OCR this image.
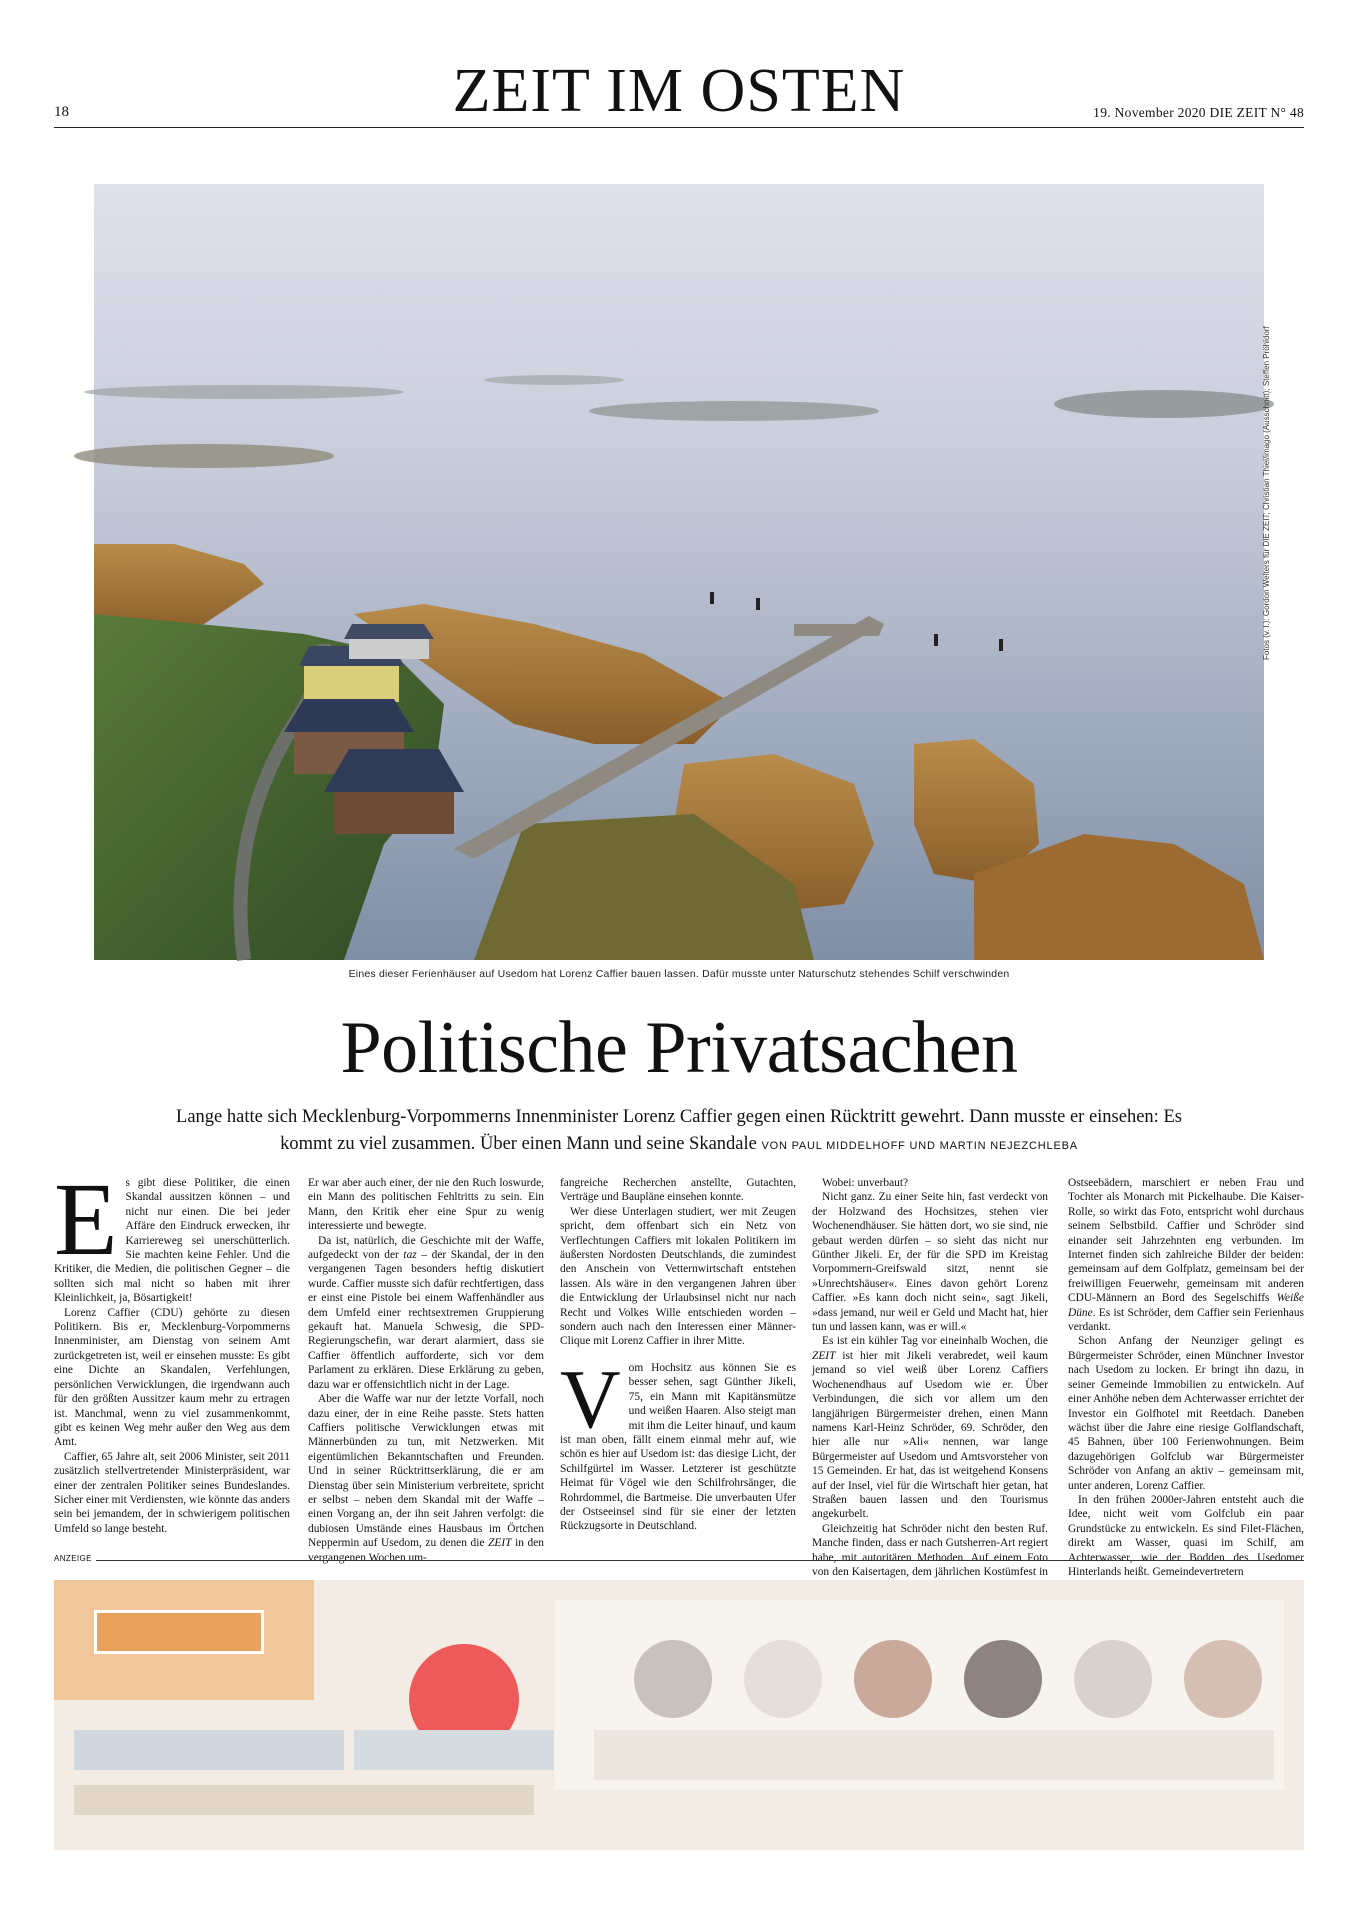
18	ZEIT IM OSTEN	19. November 2020 DIE ZEIT N° 48
Fotos (v. l.): Gordon Welters für DIE ZEIT; Christian Thiel/imago (Ausschnitt); Steffen Pröhldorf
Eines dieser Ferienhäuser auf Usedom hat Lorenz Caffier bauen lassen. Dafür musste unter Naturschutz stehendes Schilf verschwinden
Politische Privatsachen

Lange hatte sich Mecklenburg-Vorpommerns Innenminister Lorenz Caffier gegen einen Rücktritt gewehrt. Dann musste er einsehen: Es kommt zu viel zusammen. Über einen Mann und seine Skandale VON PAUL MIDDELHOFF UND MARTIN NEJEZCHLEBA

Es gibt diese Politiker, die einen Skandal aussitzen können – und nicht nur einen. Die bei jeder Affäre den Eindruck erwecken, ihr Karriereweg sei unerschütterlich. Sie machten keine Fehler. Und die Kritiker, die Medien, die politischen Gegner – die sollten sich mal nicht so haben mit ihrer Kleinlichkeit, ja, Bösartigkeit!

Lorenz Caffier (CDU) gehörte zu diesen Politikern. Bis er, Mecklenburg-Vorpommerns Innenminister, am Dienstag von seinem Amt zurückgetreten ist, weil er einsehen musste: Es gibt eine Dichte an Skandalen, Verfehlungen, persönlichen Verwicklungen, die irgendwann auch für den größten Aussitzer kaum mehr zu ertragen ist. Manchmal, wenn zu viel zusammenkommt, gibt es keinen Weg mehr außer den Weg aus dem Amt.

Caffier, 65 Jahre alt, seit 2006 Minister, seit 2011 zusätzlich stellvertretender Ministerpräsident, war einer der zentralen Politiker seines Bundeslandes. Sicher einer mit Verdiensten, wie könnte das anders sein bei jemandem, der in schwierigem politischen Umfeld so lange besteht.

Er war aber auch einer, der nie den Ruch loswurde, ein Mann des politischen Fehltritts zu sein. Ein Mann, den Kritik eher eine Spur zu wenig interessierte und bewegte.

Da ist, natürlich, die Geschichte mit der Waffe, aufgedeckt von der taz – der Skandal, der in den vergangenen Tagen besonders heftig diskutiert wurde. Caffier musste sich dafür rechtfertigen, dass er einst eine Pistole bei einem Waffenhändler aus dem Umfeld einer rechtsextremen Gruppierung gekauft hat. Manuela Schwesig, die SPD-Regierungschefin, war derart alarmiert, dass sie Caffier öffentlich aufforderte, sich vor dem Parlament zu erklären. Diese Erklärung zu geben, dazu war er offensichtlich nicht in der Lage.

Aber die Waffe war nur der letzte Vorfall, noch dazu einer, der in eine Reihe passte. Stets hatten Caffiers politische Verwicklungen etwas mit Männerbünden zu tun, mit Netzwerken. Mit eigentümlichen Bekanntschaften und Freunden. Und in seiner Rücktrittserklärung, die er am Dienstag über sein Ministerium verbreitete, spricht er selbst – neben dem Skandal mit der Waffe – einen Vorgang an, der ihn seit Jahren verfolgt: die dubiosen Umstände eines Hausbaus im Örtchen Neppermin auf Usedom, zu denen die ZEIT in den vergangenen Wochen um-

fangreiche Recherchen anstellte, Gutachten, Verträge und Baupläne einsehen konnte.

Wer diese Unterlagen studiert, wer mit Zeugen spricht, dem offenbart sich ein Netz von Verflechtungen Caffiers mit lokalen Politikern im äußersten Nordosten Deutschlands, die zumindest den Anschein von Vetternwirtschaft entstehen lassen. Als wäre in den vergangenen Jahren über die Entwicklung der Urlaubsinsel nicht nur nach Recht und Volkes Wille entschieden worden – sondern auch nach den Interessen einer Männer-Clique mit Lorenz Caffier in ihrer Mitte.

Vom Hochsitz aus können Sie es besser sehen, sagt Günther Jikeli, 75, ein Mann mit Kapitänsmütze und weißen Haaren. Also steigt man mit ihm die Leiter hinauf, und kaum ist man oben, fällt einem einmal mehr auf, wie schön es hier auf Usedom ist: das diesige Licht, der Schilfgürtel im Wasser. Letzterer ist geschützte Heimat für Vögel wie den Schilfrohrsänger, die Rohrdommel, die Bartmeise. Die unverbauten Ufer der Ostseeinsel sind für sie einer der letzten Rückzugsorte in Deutschland.

Wobei: unverbaut?

Nicht ganz. Zu einer Seite hin, fast verdeckt von der Holzwand des Hochsitzes, stehen vier Wochenendhäuser. Sie hätten dort, wo sie sind, nie gebaut werden dürfen – so sieht das nicht nur Günther Jikeli. Er, der für die SPD im Kreistag Vorpommern-Greifswald sitzt, nennt sie »Unrechtshäuser«. Eines davon gehört Lorenz Caffier. »Es kann doch nicht sein«, sagt Jikeli, »dass jemand, nur weil er Geld und Macht hat, hier tun und lassen kann, was er will.«

Es ist ein kühler Tag vor eineinhalb Wochen, die ZEIT ist hier mit Jikeli verabredet, weil kaum jemand so viel weiß über Lorenz Caffiers Wochenendhaus auf Usedom wie er. Über Verbindungen, die sich vor allem um den langjährigen Bürgermeister drehen, einen Mann namens Karl-Heinz Schröder, 69. Schröder, den hier alle nur »Ali« nennen, war lange Bürgermeister auf Usedom und Amtsvorsteher von 15 Gemeinden. Er hat, das ist weitgehend Konsens auf der Insel, viel für die Wirtschaft hier getan, hat Straßen bauen lassen und den Tourismus angekurbelt.

Gleichzeitig hat Schröder nicht den besten Ruf. Manche finden, dass er nach Gutsherren-Art regiert habe, mit autoritären Methoden. Auf einem Foto von den Kaisertagen, dem jährlichen Kostümfest in

Ostseebädern, marschiert er neben Frau und Tochter als Monarch mit Pickelhaube. Die Kaiser-Rolle, so wirkt das Foto, entspricht wohl durchaus seinem Selbstbild. Caffier und Schröder sind einander seit Jahrzehnten eng verbunden. Im Internet finden sich zahlreiche Bilder der beiden: gemeinsam auf dem Golfplatz, gemeinsam bei der freiwilligen Feuerwehr, gemeinsam mit anderen CDU-Männern an Bord des Segelschiffs Weiße Düne. Es ist Schröder, dem Caffier sein Ferienhaus verdankt.

Schon Anfang der Neunziger gelingt es Bürgermeister Schröder, einen Münchner Investor nach Usedom zu locken. Er bringt ihn dazu, in seiner Gemeinde Immobilien zu entwickeln. Auf einer Anhöhe neben dem Achterwasser errichtet der Investor ein Golfhotel mit Reetdach. Daneben wächst über die Jahre eine riesige Golflandschaft, 45 Bahnen, über 100 Ferienwohnungen. Beim dazugehörigen Golfclub war Bürgermeister Schröder von Anfang an aktiv – gemeinsam mit, unter anderen, Lorenz Caffier.

In den frühen 2000er-Jahren entsteht auch die Idee, nicht weit vom Golfclub ein paar Grundstücke zu entwickeln. Es sind Filet-Flächen, direkt am Wasser, quasi im Schilf, am Achterwasser, wie der Bodden des Usedomer Hinterlands heißt. Gemeindevertretern

ANZEIGE
